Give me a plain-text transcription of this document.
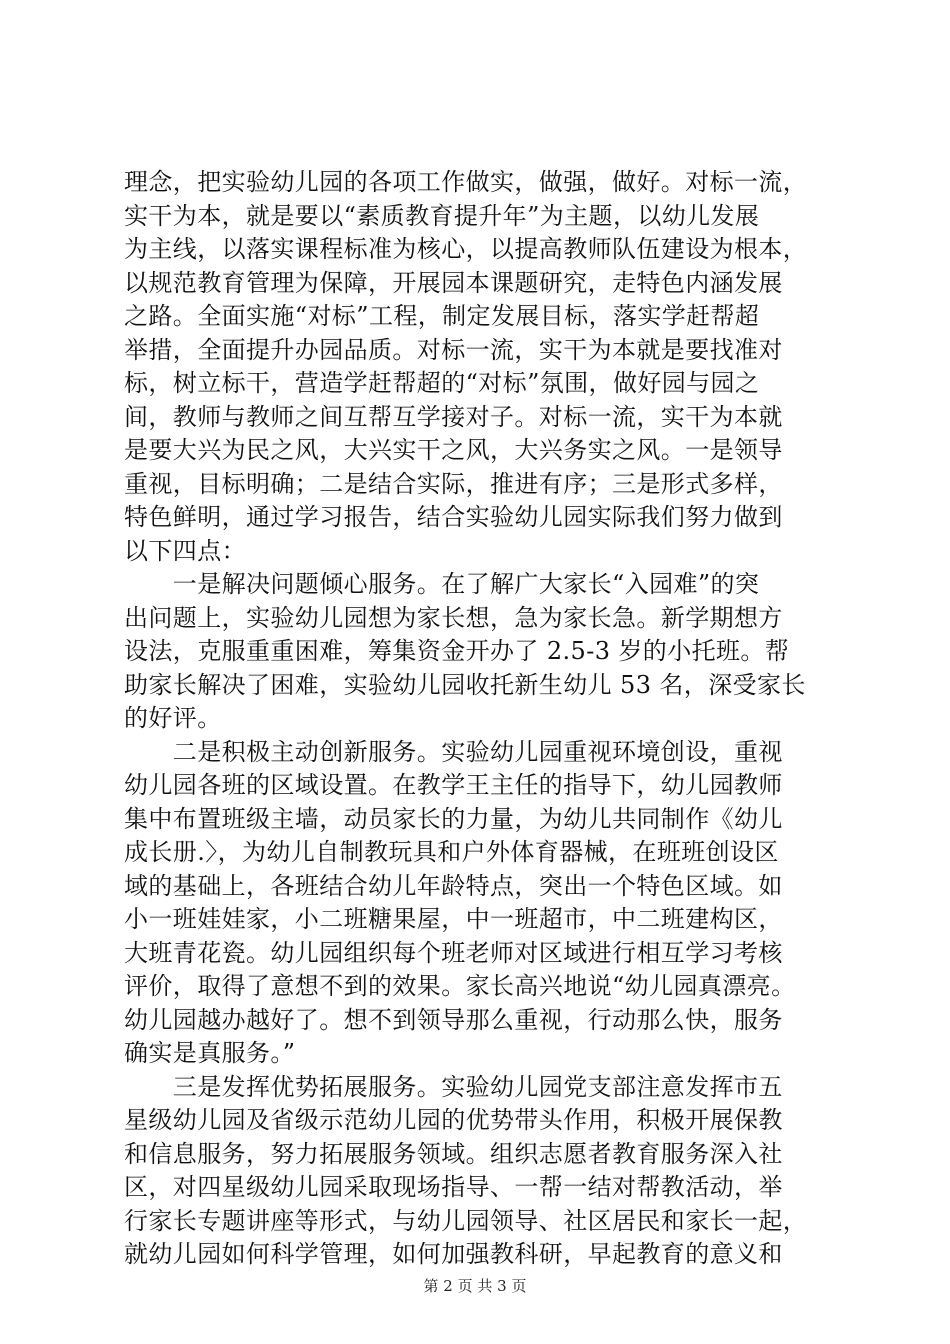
理念，把实验幼儿园的各项工作做实，做强，做好。对标一流，
实干为本，就是要以“素质教育提升年”为主题，以幼儿发展
为主线，以落实课程标准为核心，以提高教师队伍建设为根本，
以规范教育管理为保障，开展园本课题研究，走特色内涵发展
之路。全面实施“对标”工程，制定发展目标，落实学赶帮超
举措，全面提升办园品质。对标一流，实干为本就是要找准对
标，树立标干，营造学赶帮超的“对标”氛围，做好园与园之
间，教师与教师之间互帮互学接对子。对标一流，实干为本就
是要大兴为民之风，大兴实干之风，大兴务实之风。一是领导
重视，目标明确；二是结合实际，推进有序；三是形式多样，
特色鲜明，通过学习报告，结合实验幼儿园实际我们努力做到
以下四点：
　　一是解决问题倾心服务。在了解广大家长“入园难”的突
出问题上，实验幼儿园想为家长想，急为家长急。新学期想方
设法，克服重重困难，筹集资金开办了 2.5-3 岁的小托班。帮
助家长解决了困难，实验幼儿园收托新生幼儿 53 名，深受家长
的好评。
　　二是积极主动创新服务。实验幼儿园重视环境创设，重视
幼儿园各班的区域设置。在教学王主任的指导下，幼儿园教师
集中布置班级主墙，动员家长的力量，为幼儿共同制作《幼儿
成长册.〉，为幼儿自制教玩具和户外体育器械，在班班创设区
域的基础上，各班结合幼儿年龄特点，突出一个特色区域。如
小一班娃娃家，小二班糖果屋，中一班超市，中二班建构区，
大班青花瓷。幼儿园组织每个班老师对区域进行相互学习考核
评价，取得了意想不到的效果。家长高兴地说“幼儿园真漂亮。
幼儿园越办越好了。想不到领导那么重视，行动那么快，服务
确实是真服务。”
　　三是发挥优势拓展服务。实验幼儿园党支部注意发挥市五
星级幼儿园及省级示范幼儿园的优势带头作用，积极开展保教
和信息服务，努力拓展服务领域。组织志愿者教育服务深入社
区，对四星级幼儿园采取现场指导、一帮一结对帮教活动，举
行家长专题讲座等形式，与幼儿园领导、社区居民和家长一起，
就幼儿园如何科学管理，如何加强教科研，早起教育的意义和
第 2 页 共 3 页
